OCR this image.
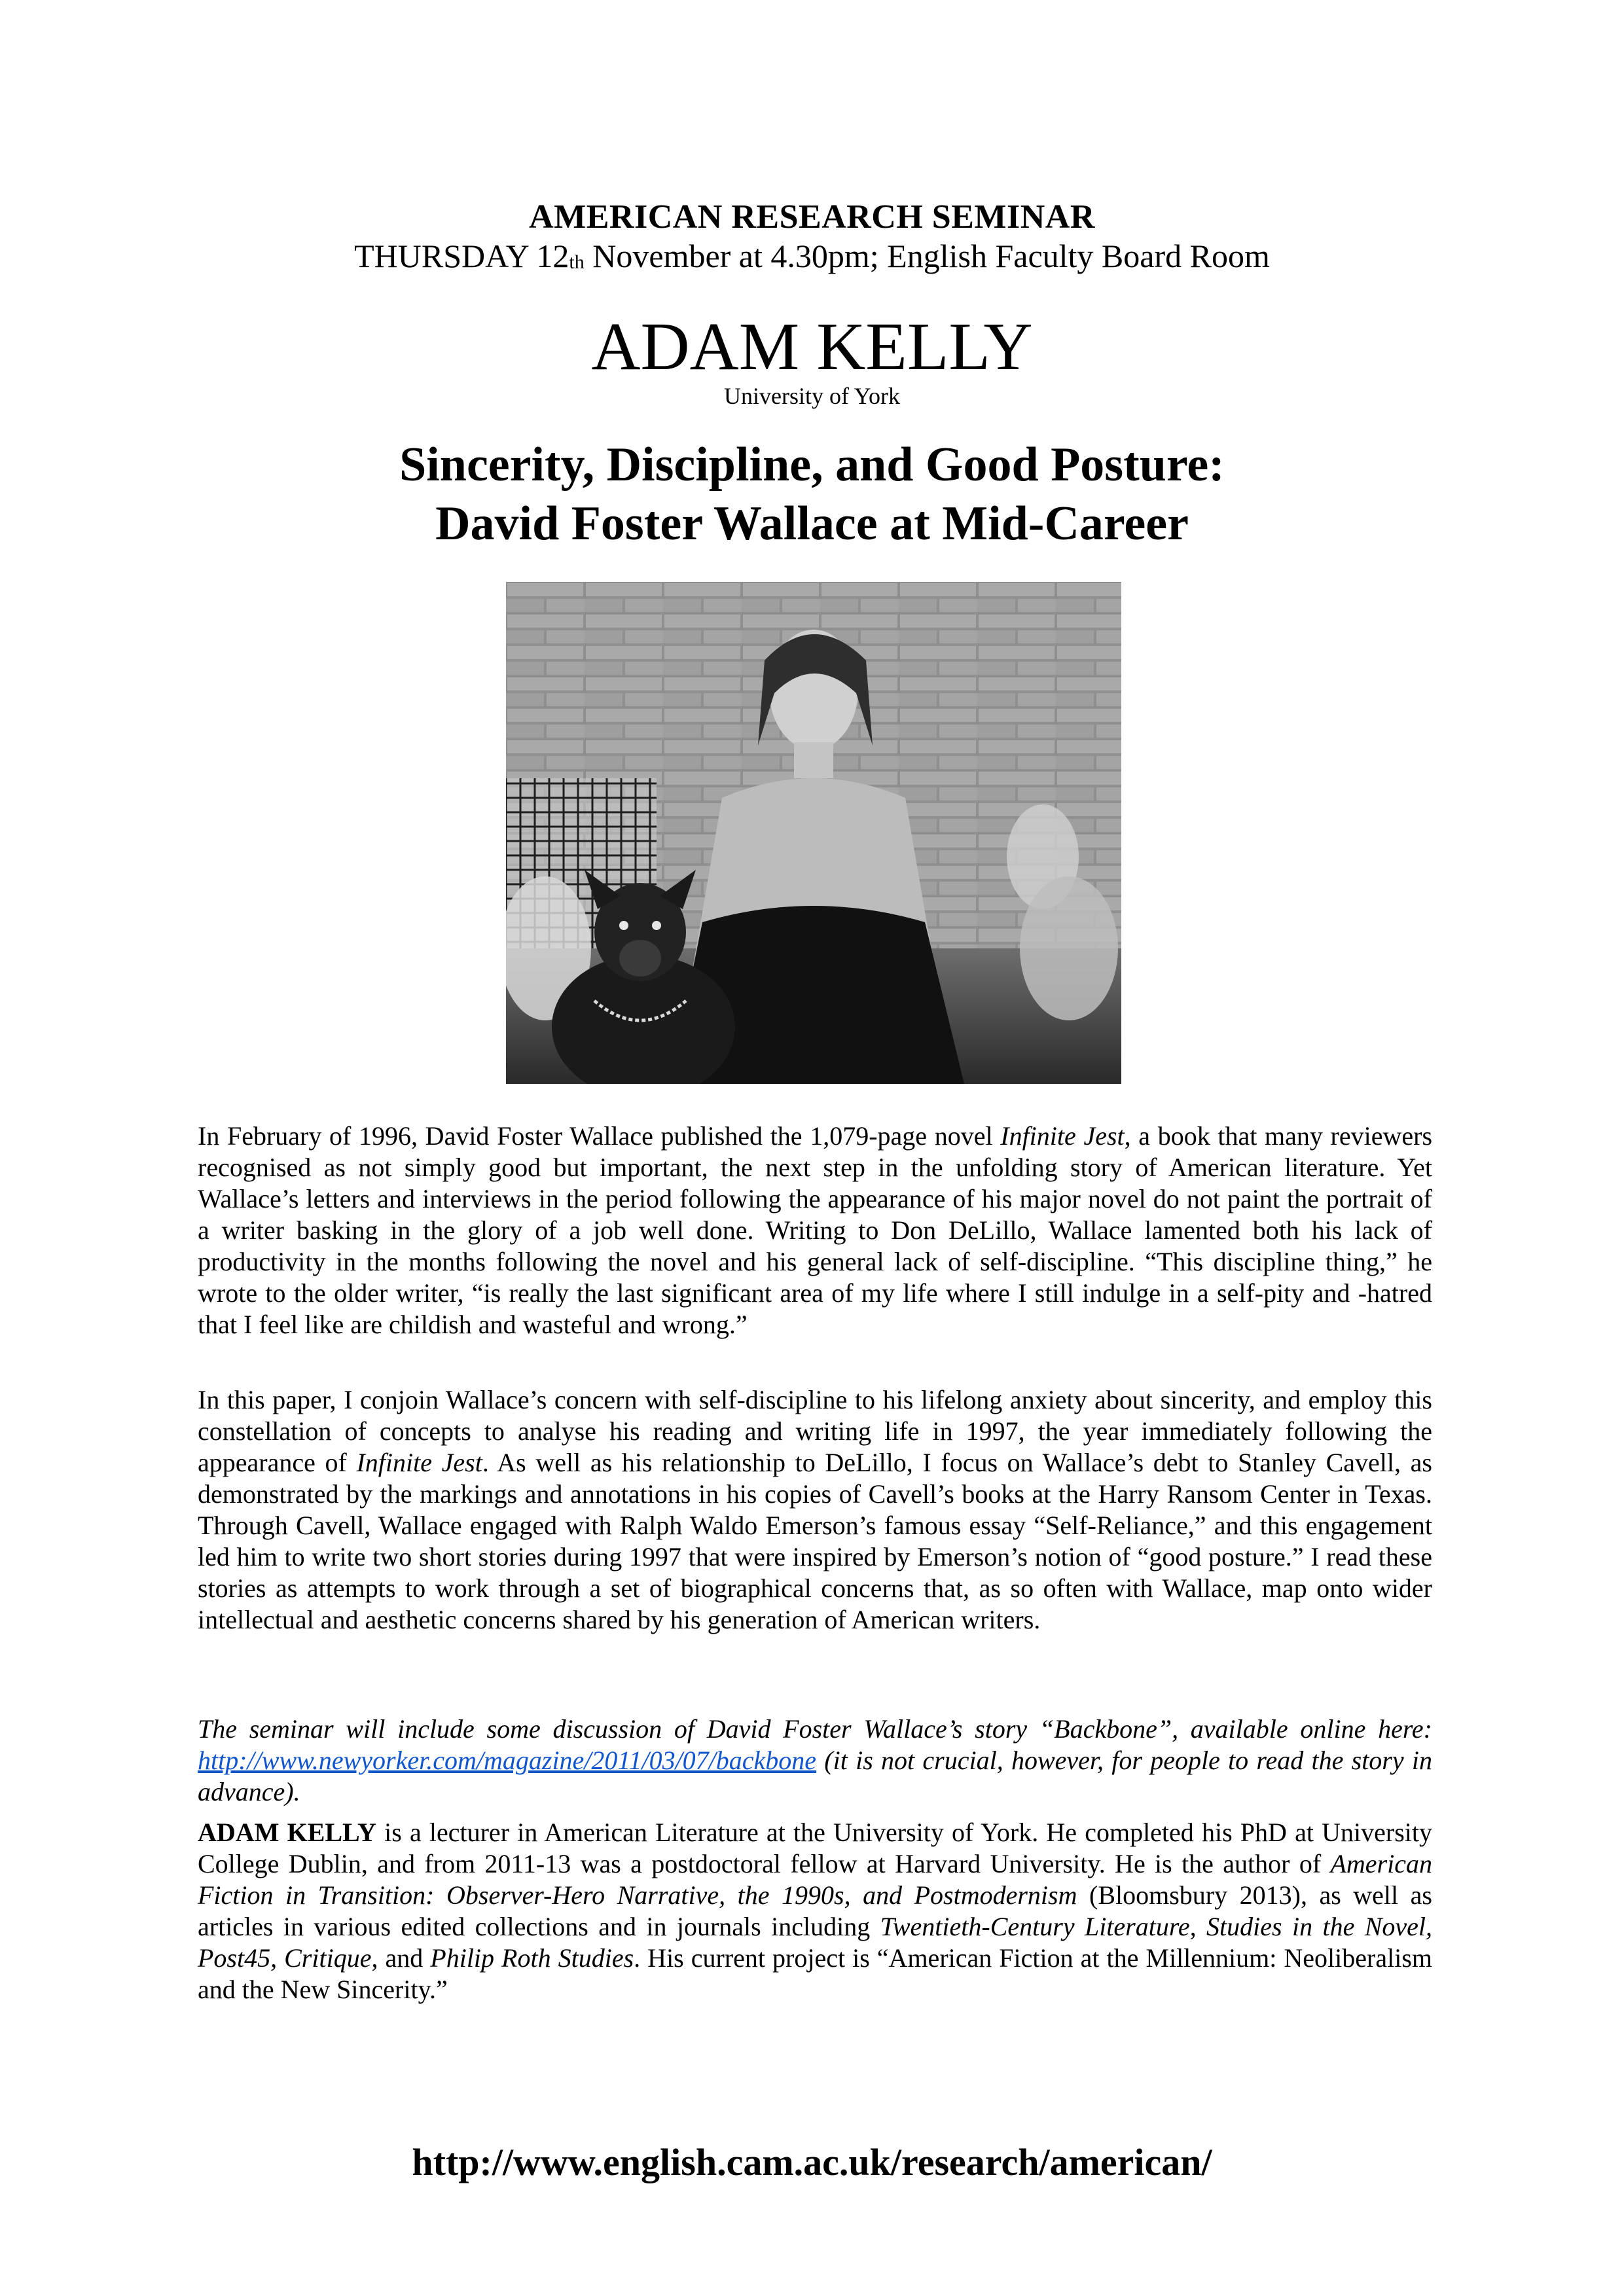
AMERICAN RESEARCH SEMINAR
THURSDAY $12_{th}$ November at 4.30pm; English Faculty Board Room
ADAM KELLY
University of York
Sincerity, Discipline, and Good Posture:
David Foster Wallace at Mid-Career

In February of 1996, David Foster Wallace published the 1,079-page novel Infinite Jest, a book that many reviewers recognised as not simply good but important, the next step in the unfolding story of American literature. Yet Wallace’s letters and interviews in the period following the appearance of his major novel do not paint the portrait of a writer basking in the glory of a job well done. Writing to Don DeLillo, Wallace lamented both his lack of productivity in the months following the novel and his general lack of self-discipline. “This discipline thing,” he wrote to the older writer, “is really the last significant area of my life where I still indulge in a self-pity and -hatred that I feel like are childish and wasteful and wrong.”

In this paper, I conjoin Wallace’s concern with self-discipline to his lifelong anxiety about sincerity, and employ this constellation of concepts to analyse his reading and writing life in 1997, the year immediately following the appearance of Infinite Jest. As well as his relationship to DeLillo, I focus on Wallace’s debt to Stanley Cavell, as demonstrated by the markings and annotations in his copies of Cavell’s books at the Harry Ransom Center in Texas. Through Cavell, Wallace engaged with Ralph Waldo Emerson’s famous essay “Self-Reliance,” and this engagement led him to write two short stories during 1997 that were inspired by Emerson’s notion of “good posture.” I read these stories as attempts to work through a set of biographical concerns that, as so often with Wallace, map onto wider intellectual and aesthetic concerns shared by his generation of American writers.

The seminar will include some discussion of David Foster Wallace’s story “Backbone”, available online here: http://www.newyorker.com/magazine/2011/03/07/backbone (it is not crucial, however, for people to read the story in advance).

ADAM KELLY is a lecturer in American Literature at the University of York. He completed his PhD at University College Dublin, and from 2011-13 was a postdoctoral fellow at Harvard University. He is the author of American Fiction in Transition: Observer-Hero Narrative, the 1990s, and Postmodernism (Bloomsbury 2013), as well as articles in various edited collections and in journals including Twentieth-Century Literature, Studies in the Novel, Post45, Critique, and Philip Roth Studies. His current project is “American Fiction at the Millennium: Neoliberalism and the New Sincerity.”

http://www.english.cam.ac.uk/research/american/
